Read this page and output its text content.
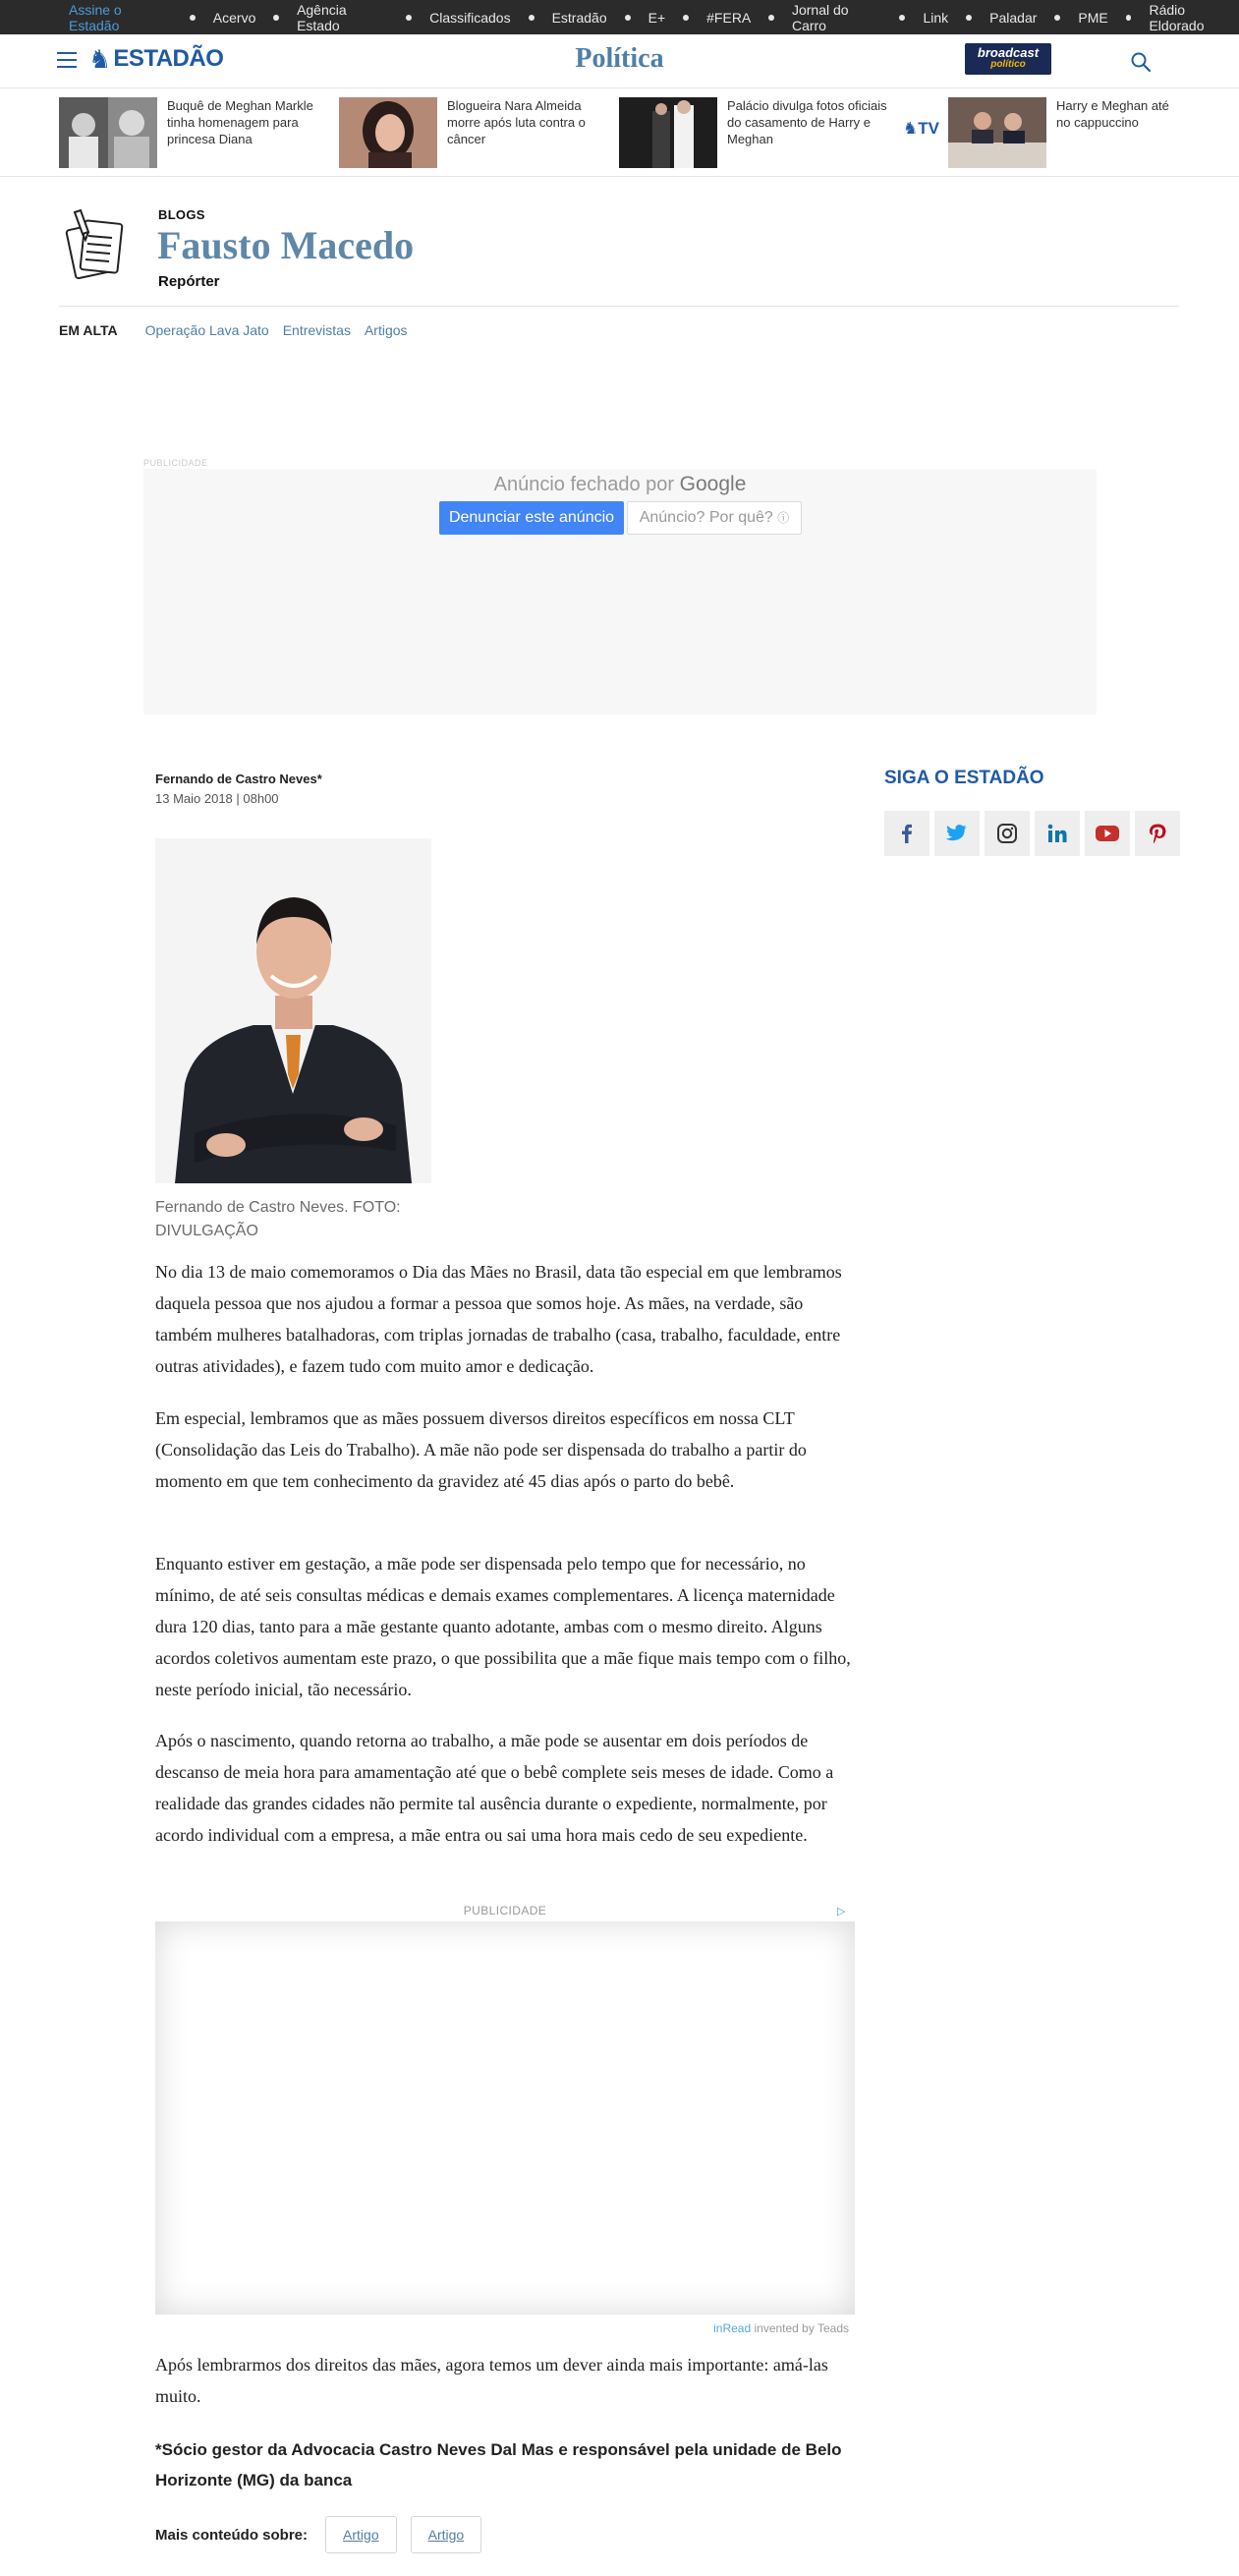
Assine o Estadão	Acervo	Agência Estado	Classificados	Estradão	E+	#FERA	Jornal do Carro	Link	Paladar	PME	Rádio Eldorado
♞ ESTADÃO	Política	broadcast
político
Buquê de Meghan Markle tinha homenagem para princesa Diana
Blogueira Nara Almeida morre após luta contra o câncer
Palácio divulga fotos oficiais do casamento de Harry e Meghan
♞TV
Harry e Meghan até no cappuccino
BLOGS
Fausto Macedo
Repórter
EM ALTA Operação Lava Jato Entrevistas Artigos
PUBLICIDADE
Anúncio fechado por Google
Denunciar este anúncio	Anúncio? Por quê? ⓘ
Fernando de Castro Neves*
13 Maio 2018 | 08h00
Fernando de Castro Neves. FOTO: DIVULGAÇÃO

No dia 13 de maio comemoramos o Dia das Mães no Brasil, data tão especial em que lembramos daquela pessoa que nos ajudou a formar a pessoa que somos hoje. As mães, na verdade, são também mulheres batalhadoras, com triplas jornadas de trabalho (casa, trabalho, faculdade, entre outras atividades), e fazem tudo com muito amor e dedicação.

Em especial, lembramos que as mães possuem diversos direitos específicos em nossa CLT (Consolidação das Leis do Trabalho). A mãe não pode ser dispensada do trabalho a partir do momento em que tem conhecimento da gravidez até 45 dias após o parto do bebê.

Enquanto estiver em gestação, a mãe pode ser dispensada pelo tempo que for necessário, no mínimo, de até seis consultas médicas e demais exames complementares. A licença maternidade dura 120 dias, tanto para a mãe gestante quanto adotante, ambas com o mesmo direito. Alguns acordos coletivos aumentam este prazo, o que possibilita que a mãe fique mais tempo com o filho, neste período inicial, tão necessário.

Após o nascimento, quando retorna ao trabalho, a mãe pode se ausentar em dois períodos de descanso de meia hora para amamentação até que o bebê complete seis meses de idade. Como a realidade das grandes cidades não permite tal ausência durante o expediente, normalmente, por acordo individual com a empresa, a mãe entra ou sai uma hora mais cedo de seu expediente.

PUBLICIDADE	▷
inRead invented by Teads

Após lembrarmos dos direitos das mães, agora temos um dever ainda mais importante: amá-las muito.

*Sócio gestor da Advocacia Castro Neves Dal Mas e responsável pela unidade de Belo Horizonte (MG) da banca

Mais conteúdo sobre:	Artigo	Artigo
SIGA O ESTADÃO
